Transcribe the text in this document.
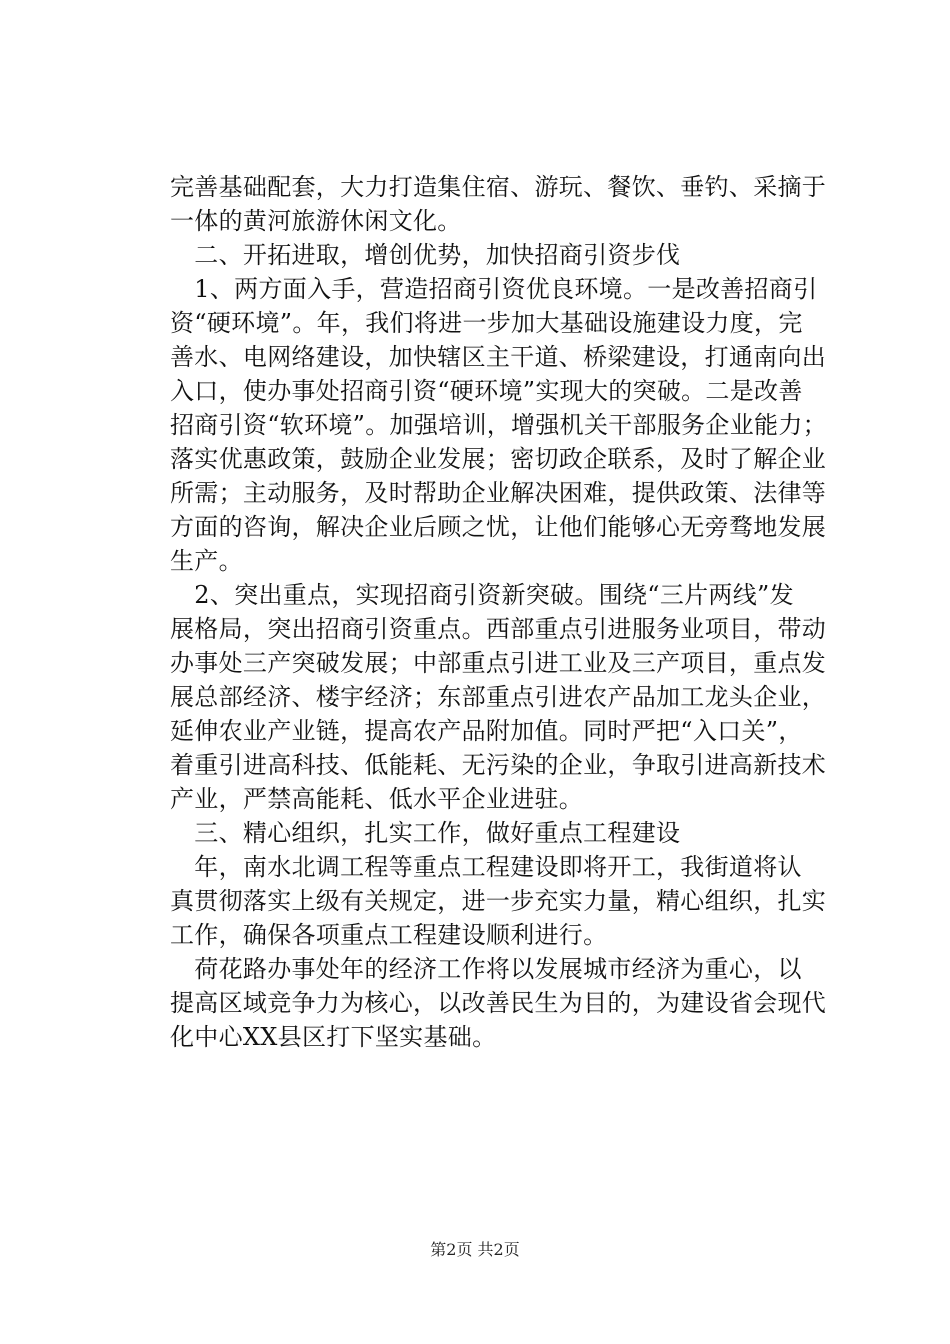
完善基础配套，大力打造集住宿、游玩、餐饮、垂钓、采摘于
一体的黄河旅游休闲文化。
　二、开拓进取，增创优势，加快招商引资步伐
　1、两方面入手，营造招商引资优良环境。一是改善招商引
资“硬环境”。年，我们将进一步加大基础设施建设力度，完
善水、电网络建设，加快辖区主干道、桥梁建设，打通南向出
入口，使办事处招商引资“硬环境”实现大的突破。二是改善
招商引资“软环境”。加强培训，增强机关干部服务企业能力；
落实优惠政策，鼓励企业发展；密切政企联系，及时了解企业
所需；主动服务，及时帮助企业解决困难，提供政策、法律等
方面的咨询，解决企业后顾之忧，让他们能够心无旁骛地发展
生产。
　2、突出重点，实现招商引资新突破。围绕“三片两线”发
展格局，突出招商引资重点。西部重点引进服务业项目，带动
办事处三产突破发展；中部重点引进工业及三产项目，重点发
展总部经济、楼宇经济；东部重点引进农产品加工龙头企业，
延伸农业产业链，提高农产品附加值。同时严把“入口关”，
着重引进高科技、低能耗、无污染的企业，争取引进高新技术
产业，严禁高能耗、低水平企业进驻。
　三、精心组织，扎实工作，做好重点工程建设
　年，南水北调工程等重点工程建设即将开工，我街道将认
真贯彻落实上级有关规定，进一步充实力量，精心组织，扎实
工作，确保各项重点工程建设顺利进行。
　荷花路办事处年的经济工作将以发展城市经济为重心，以
提高区域竞争力为核心，以改善民生为目的，为建设省会现代
化中心XX县区打下坚实基础。
第2页 共2页
